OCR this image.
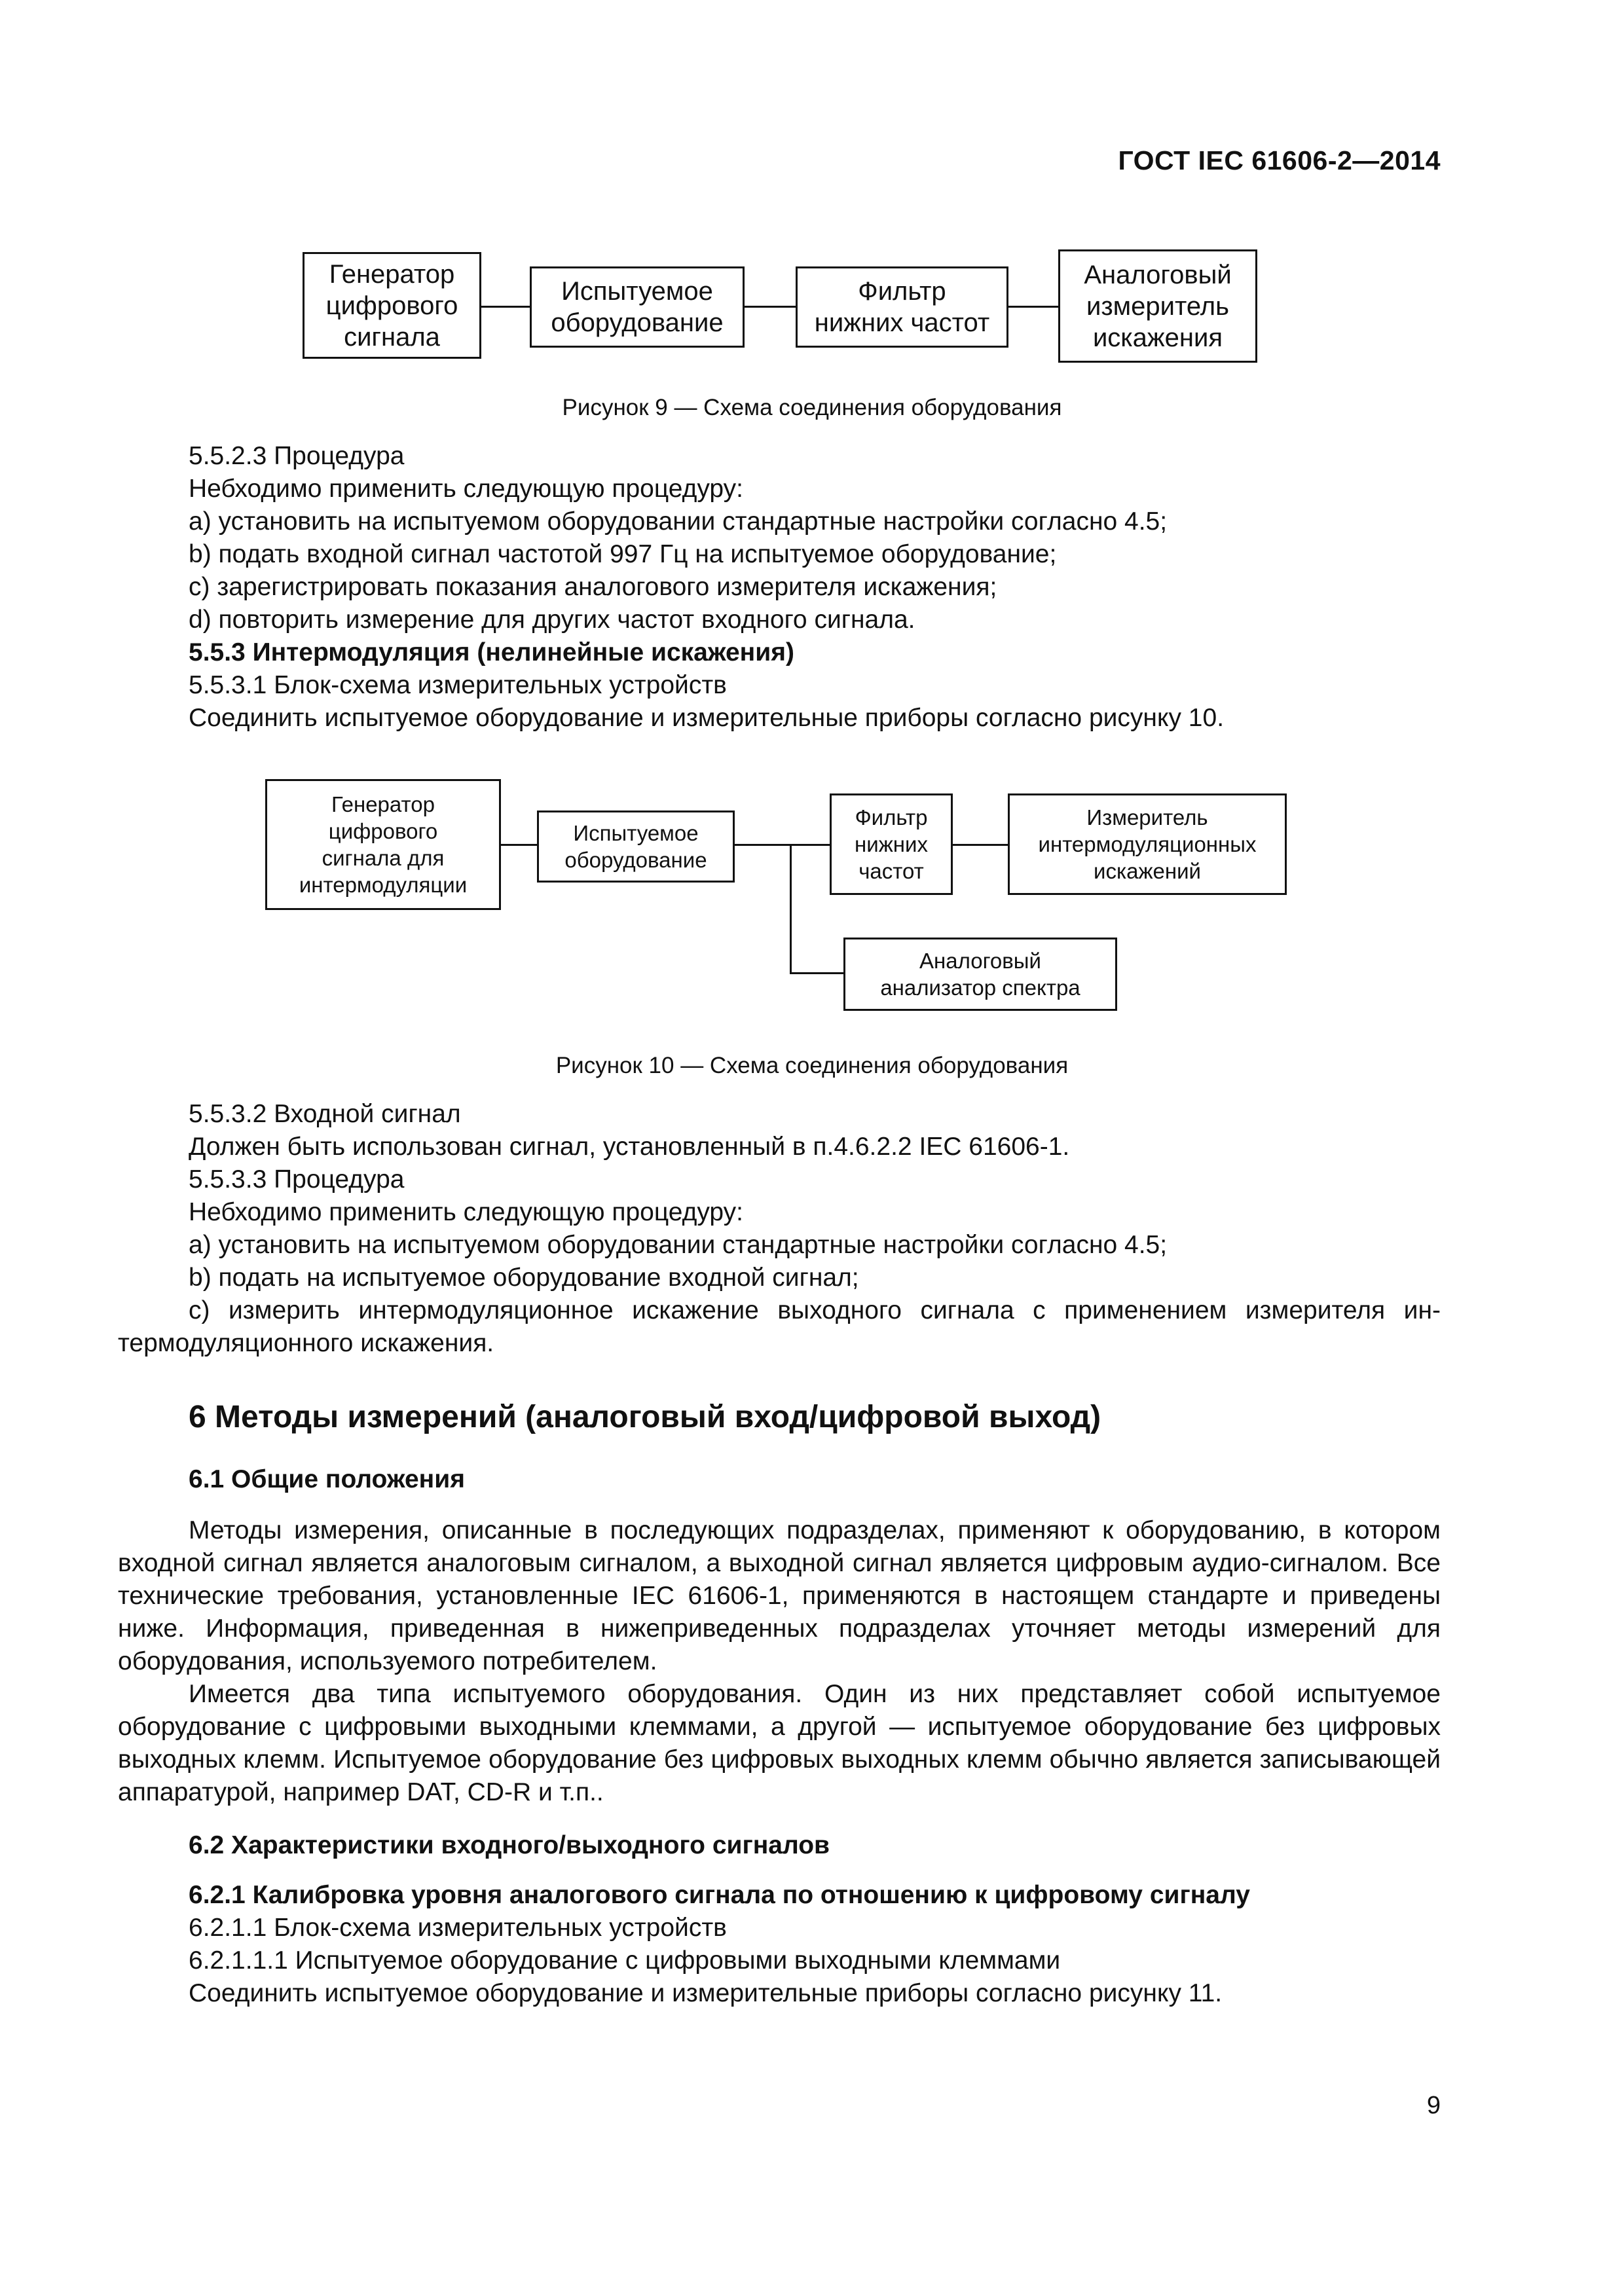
ГОСТ IEC 61606-2—2014
Генератор
цифрового
сигнала
Испытуемое
оборудование
Фильтр
нижних частот
Аналоговый
измеритель
искажения
Рисунок 9 — Схема соединения оборудования
5.5.2.3 Процедура
Небходимо применить следующую процедуру:
a) установить на испытуемом оборудовании стандартные настройки согласно 4.5;
b) подать входной сигнал частотой 997 Гц на испытуемое оборудование;
c) зарегистрировать показания аналогового измерителя искажения;
d) повторить измерение для других частот входного сигнала.
5.5.3 Интермодуляция (нелинейные искажения)
5.5.3.1 Блок-схема измерительных устройств
Соединить испытуемое оборудование и измерительные приборы согласно рисунку 10.
Генератор
цифрового
сигнала для
интермодуляции
Испытуемое
оборудование
Фильтр
нижних
частот
Измеритель
интермодуляционных
искажений
Аналоговый
анализатор спектра
Рисунок 10 — Схема соединения оборудования
5.5.3.2 Входной сигнал
Должен быть использован сигнал, установленный в п.4.6.2.2 IEC 61606-1.
5.5.3.3 Процедура
Небходимо применить следующую процедуру:
a) установить на испытуемом оборудовании стандартные настройки согласно 4.5;
b) подать на испытуемое оборудование входной сигнал;
c) измерить интермодуляционное искажение выходного сигнала с применением измерителя ин-термодуляционного искажения.
6 Методы измерений (аналоговый вход/цифровой выход)
6.1 Общие положения
Методы измерения, описанные в последующих подразделах, применяют к оборудованию, в котором входной сигнал является аналоговым сигналом, а выходной сигнал является цифровым аудио-сигналом. Все технические требования, установленные IEC 61606-1, применяются в настоящем стандарте и приведены ниже. Информация, приведенная в нижеприведенных подразделах уточняет методы измерений для оборудования, используемого потребителем.
Имеется два типа испытуемого оборудования. Один из них представляет собой испытуемое оборудование с цифровыми выходными клеммами, а другой — испытуемое оборудование без цифровых выходных клемм. Испытуемое оборудование без цифровых выходных клемм обычно является записывающей аппаратурой, например DAT, CD-R и т.п..
6.2 Характеристики входного/выходного сигналов
6.2.1 Калибровка уровня аналогового сигнала по отношению к цифровому сигналу
6.2.1.1 Блок-схема измерительных устройств
6.2.1.1.1 Испытуемое оборудование с цифровыми выходными клеммами
Соединить испытуемое оборудование и измерительные приборы согласно рисунку 11.
9
